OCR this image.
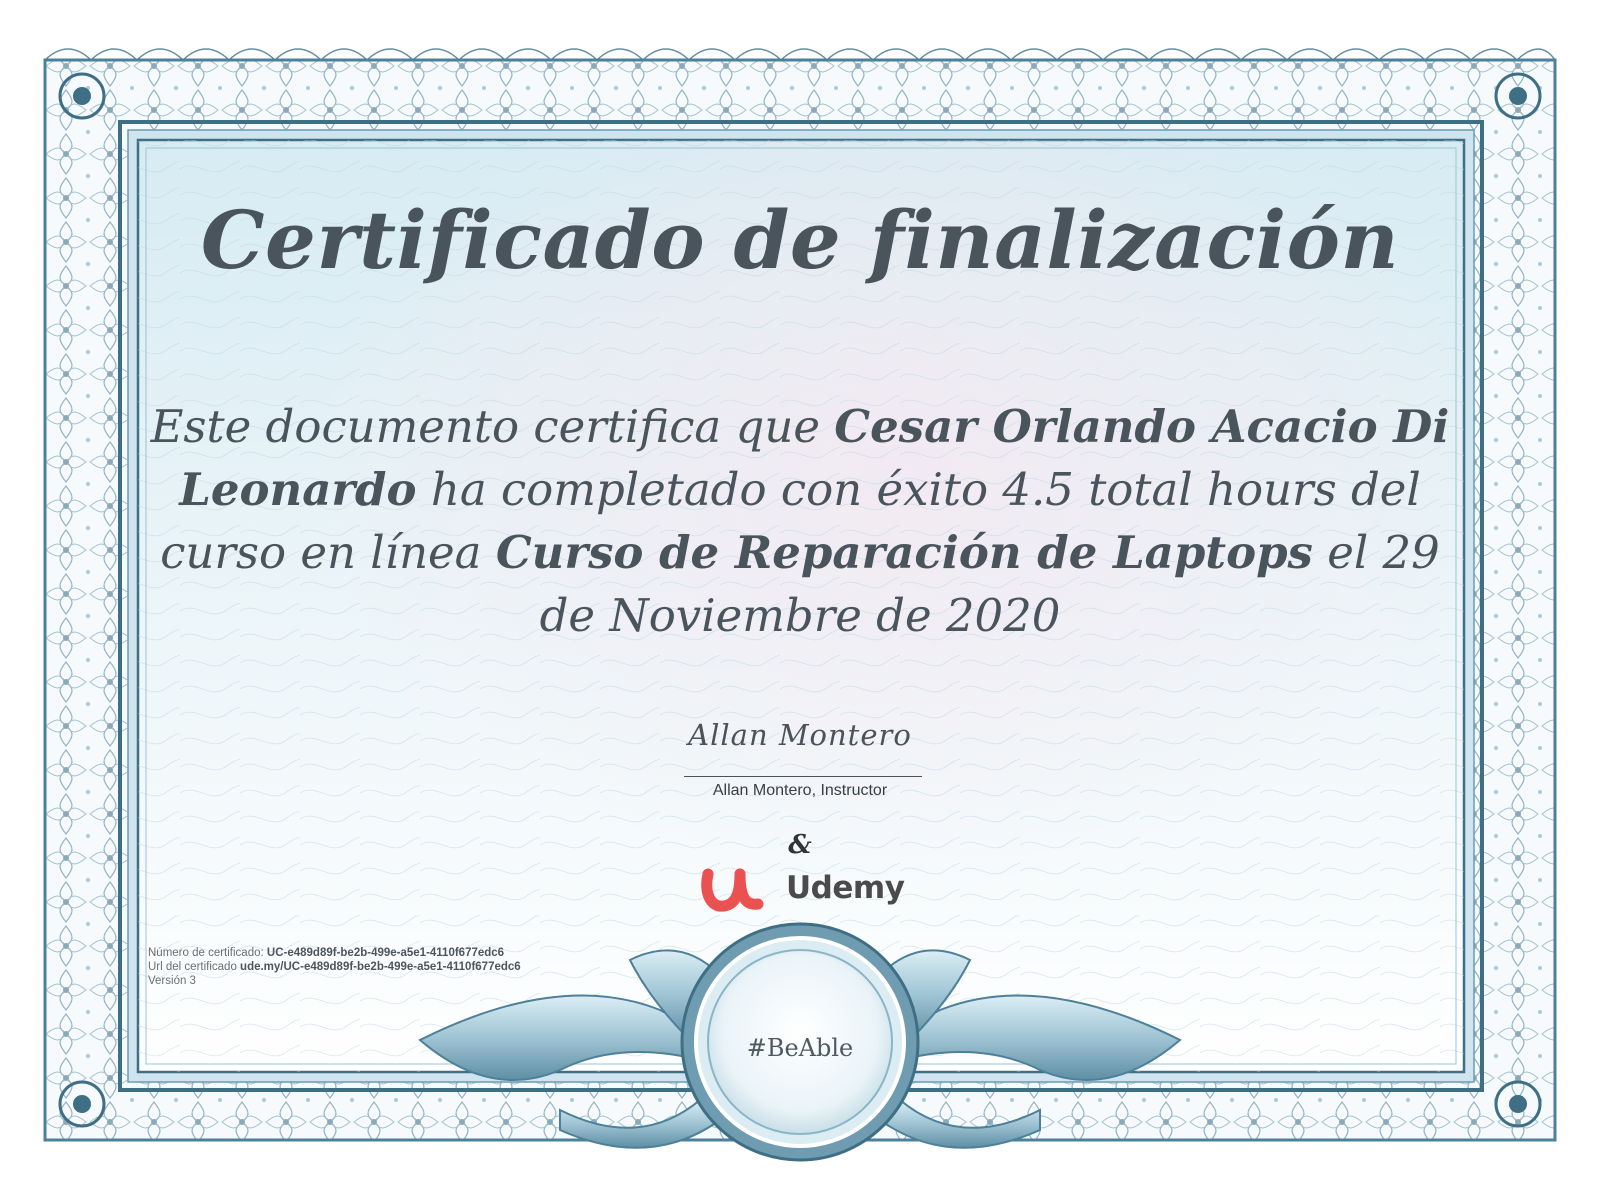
Certificado de finalización

Este documento certifica que Cesar Orlando Acacio Di Leonardo ha completado con éxito 4.5 total hours del curso en línea Curso de Reparación de Laptops el 29 de Noviembre de 2020

Allan Montero
Allan Montero, Instructor
&
Udemy
Número de certificado: UC-e489d89f-be2b-499e-a5e1-4110f677edc6
Url del certificado ude.my/UC-e489d89f-be2b-499e-a5e1-4110f677edc6
Versión 3
#BeAble
